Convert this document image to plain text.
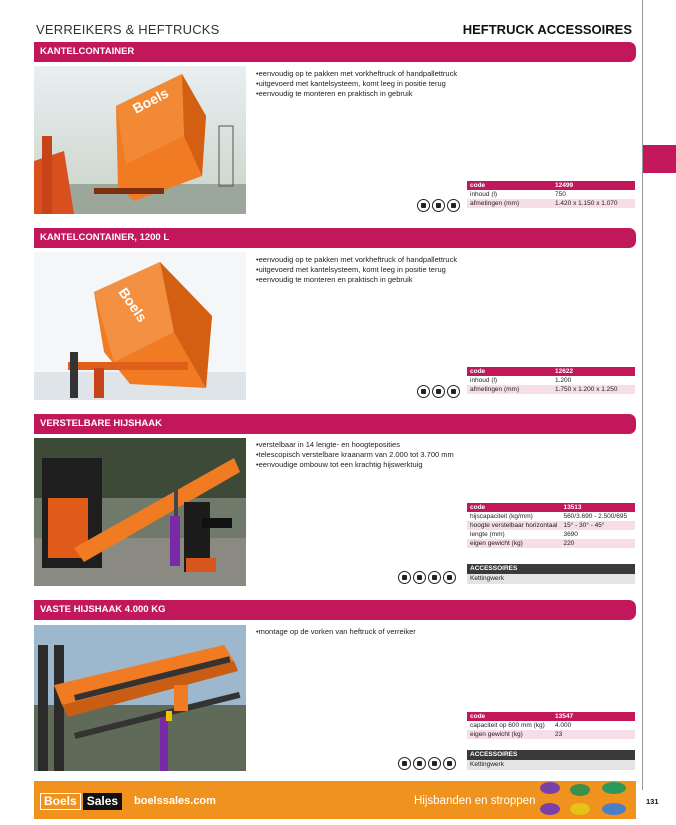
VERREIKERS & HEFTRUCKS	HEFTRUCK ACCESSOIRES
KANTELCONTAINER
Boels
• eenvoudig op te pakken met vorkheftruck of handpallettruck
• uitgevoerd met kantelsysteem, komt leeg in positie terug
• eenvoudig te monteren en praktisch in gebruik
code	12499
inhoud (l)	750
afmetingen (mm)	1.420 x 1.150 x 1.070
KANTELCONTAINER, 1200 L
Boels
• eenvoudig op te pakken met vorkheftruck of handpallettruck
• uitgevoerd met kantelsysteem, komt leeg in positie terug
• eenvoudig te monteren en praktisch in gebruik
code	12622
inhoud (l)	1.200
afmetingen (mm)	1.750 x 1.200 x 1.250
VERSTELBARE HIJSHAAK
• verstelbaar in 14 lengte- en hoogteposities
• telescopisch verstelbare kraanarm van 2.000 tot 3.700 mm
• eenvoudige ombouw tot een krachtig hijswerktuig
code	13513
hijscapaciteit (kg/mm)	560/3.690 - 2.500/695
hoogte verstelbaar horizontaal	15° - 30° - 45°
lengte (mm)	3690
eigen gewicht (kg)	220
ACCESSOIRES
Kettingwerk
VASTE HIJSHAAK 4.000 KG
• montage op de vorken van heftruck of verreiker
code	13547
capaciteit op 600 mm (kg)	4.000
eigen gewicht (kg)	23
ACCESSOIRES
Kettingwerk
Boels Sales	boelssales.com	Hijsbanden en stroppen	131
